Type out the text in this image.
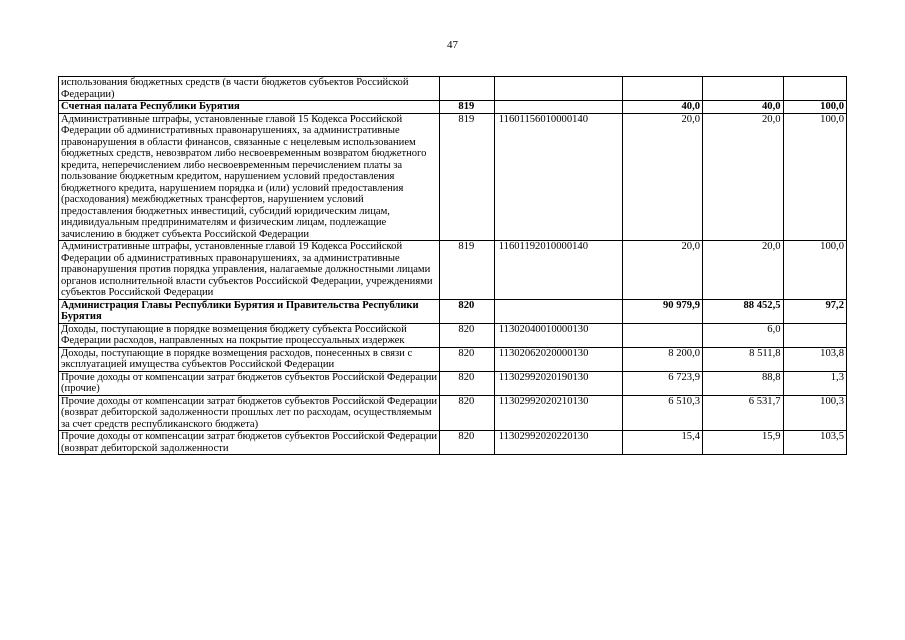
47
использования бюджетных средств (в части бюджетов субъектов Российской Федерации)					
Счетная палата Республики Бурятия	819		40,0	40,0	100,0
Административные штрафы, установленные главой 15 Кодекса Российской Федерации об административных правонарушениях, за административные правонарушения в области финансов, связанные с нецелевым использованием бюджетных средств, невозвратом либо несвоевременным возвратом бюджетного кредита, неперечислением либо несвоевременным перечислением платы за пользование бюджетным кредитом, нарушением условий предоставления бюджетного кредита, нарушением порядка и (или) условий предоставления (расходования) межбюджетных трансфертов, нарушением условий предоставления бюджетных инвестиций, субсидий юридическим лицам, индивидуальным предпринимателям и физическим лицам, подлежащие зачислению в бюджет субъекта Российской Федерации	819	11601156010000140	20,0	20,0	100,0
Административные штрафы, установленные главой 19 Кодекса Российской Федерации об административных правонарушениях, за административные правонарушения против порядка управления, налагаемые должностными лицами органов исполнительной власти субъектов Российской Федерации, учреждениями субъектов Российской Федерации	819	11601192010000140	20,0	20,0	100,0
Администрация Главы Республики Бурятия и Правительства Республики Бурятия	820		90 979,9	88 452,5	97,2
Доходы, поступающие в порядке возмещения бюджету субъекта Российской Федерации расходов, направленных на покрытие процессуальных издержек	820	11302040010000130		6,0	
Доходы, поступающие в порядке возмещения расходов, понесенных в связи с эксплуатацией имущества субъектов Российской Федерации	820	11302062020000130	8 200,0	8 511,8	103,8
Прочие доходы от компенсации затрат бюджетов субъектов Российской Федерации (прочие)	820	11302992020190130	6 723,9	88,8	1,3
Прочие доходы от компенсации затрат бюджетов субъектов Российской Федерации (возврат дебиторской задолженности прошлых лет по расходам, осуществляемым за счет средств республиканского бюджета)	820	11302992020210130	6 510,3	6 531,7	100,3
Прочие доходы от компенсации затрат бюджетов субъектов Российской Федерации (возврат дебиторской задолженности	820	11302992020220130	15,4	15,9	103,5
